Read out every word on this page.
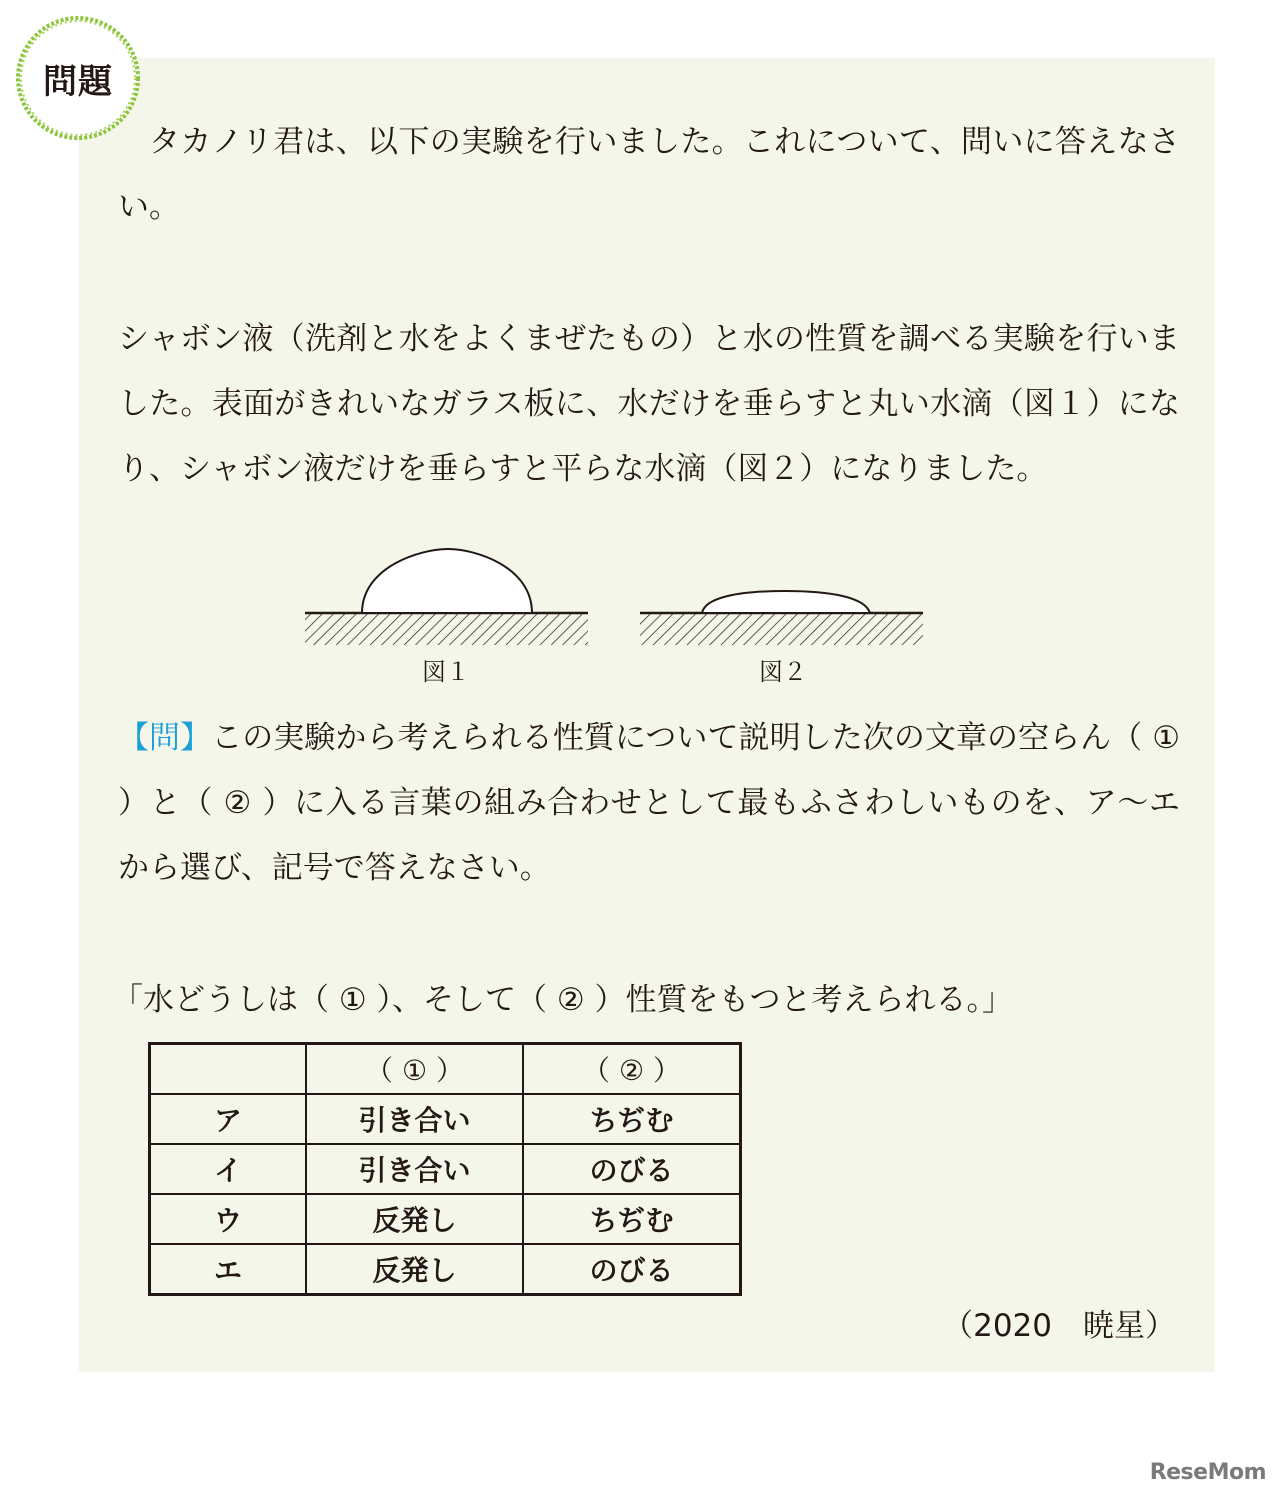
問題

タカノリ君は、以下の実験を行いました。これについて、問いに答えなさい。

シャボン液（洗剤と水をよくまぜたもの）と水の性質を調べる実験を行いました。表面がきれいなガラス板に、水だけを垂らすと丸い水滴（図１）になり、シャボン液だけを垂らすと平らな水滴（図２）になりました。

図１	図２

【問】この実験から考えられる性質について説明した次の文章の空らん（ ① ）と（ ② ）に入る言葉の組み合わせとして最もふさわしいものを、ア〜エから選び、記号で答えなさい。

「水どうしは（ ① ）、そして（ ② ）性質をもつと考えられる。」

	（ ① ）	（ ② ）
ア	引き合い	ちぢむ
イ	引き合い	のびる
ウ	反発し	ちぢむ
エ	反発し	のびる
（2020　暁星）
ReseMom
